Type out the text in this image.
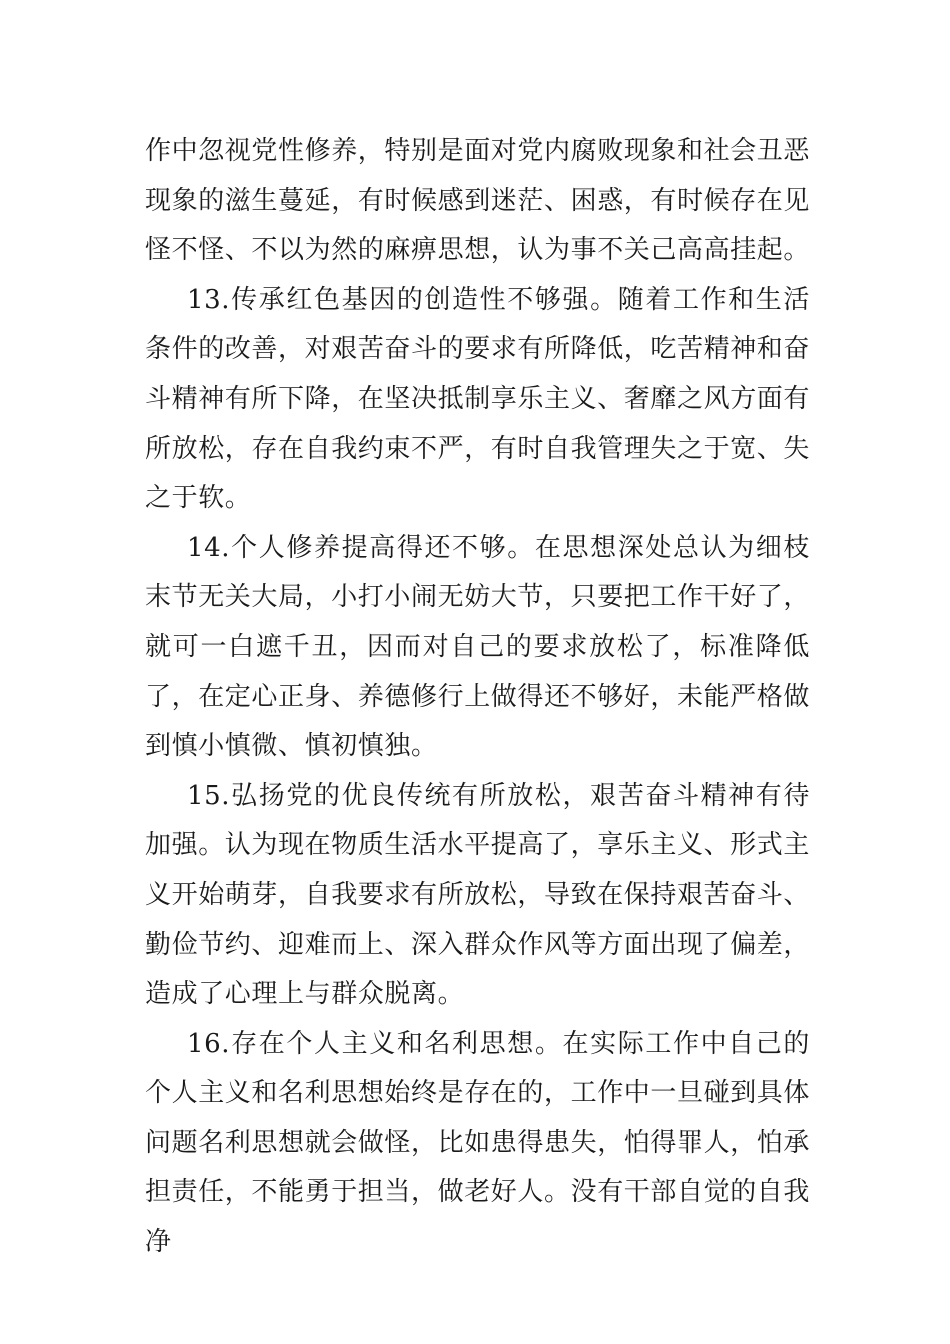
作中忽视党性修养，特别是面对党内腐败现象和社会丑恶现象的滋生蔓延，有时候感到迷茫、困惑，有时候存在见怪不怪、不以为然的麻痹思想，认为事不关己高高挂起。

13.传承红色基因的创造性不够强。随着工作和生活条件的改善，对艰苦奋斗的要求有所降低，吃苦精神和奋斗精神有所下降，在坚决抵制享乐主义、奢靡之风方面有所放松，存在自我约束不严，有时自我管理失之于宽、失之于软。

14.个人修养提高得还不够。在思想深处总认为细枝末节无关大局，小打小闹无妨大节，只要把工作干好了，就可一白遮千丑，因而对自己的要求放松了，标准降低了，在定心正身、养德修行上做得还不够好，未能严格做到慎小慎微、慎初慎独。

15.弘扬党的优良传统有所放松，艰苦奋斗精神有待加强。认为现在物质生活水平提高了，享乐主义、形式主义开始萌芽，自我要求有所放松，导致在保持艰苦奋斗、勤俭节约、迎难而上、深入群众作风等方面出现了偏差，造成了心理上与群众脱离。

16.存在个人主义和名利思想。在实际工作中自己的个人主义和名利思想始终是存在的，工作中一旦碰到具体问题名利思想就会做怪，比如患得患失，怕得罪人，怕承担责任，不能勇于担当，做老好人。没有干部自觉的自我净
